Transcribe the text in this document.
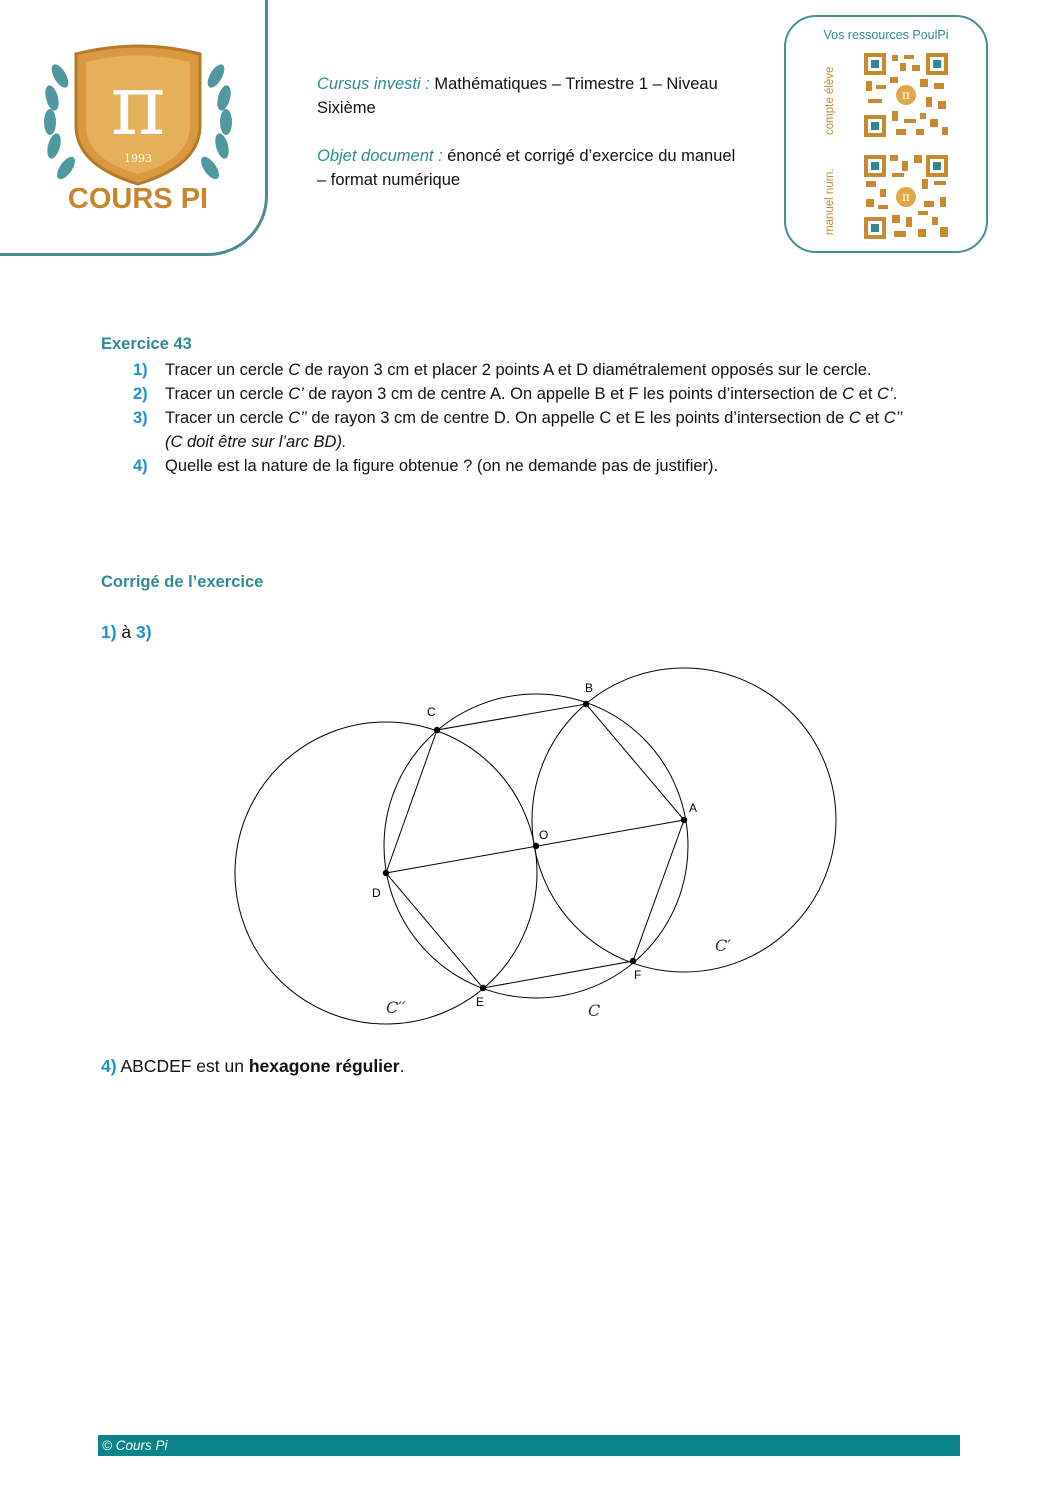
π
1993
COURS PI

Cursus investi : Mathématiques – Trimestre 1 – Niveau Sixième

Objet document : énoncé et corrigé d’exercice du manuel – format numérique

Vos ressources PoulPi
compte élève
manuel num.
π
π
Exercice 43
1) Tracer un cercle C de rayon 3 cm et placer 2 points A et D diamétralement opposés sur le cercle.
2) Tracer un cercle C’ de rayon 3 cm de centre A. On appelle B et F les points d’intersection de C et C’.
3) Tracer un cercle C’’ de rayon 3 cm de centre D. On appelle C et E les points d’intersection de C et C’’
(C doit être sur l’arc BD).
4) Quelle est la nature de la figure obtenue ? (on ne demande pas de justifier).
Corrigé de l’exercice
1) à 3)
A
B
C
D
E
F
O
C
C′
C′′
4) ABCDEF est un hexagone régulier.
© Cours Pi
